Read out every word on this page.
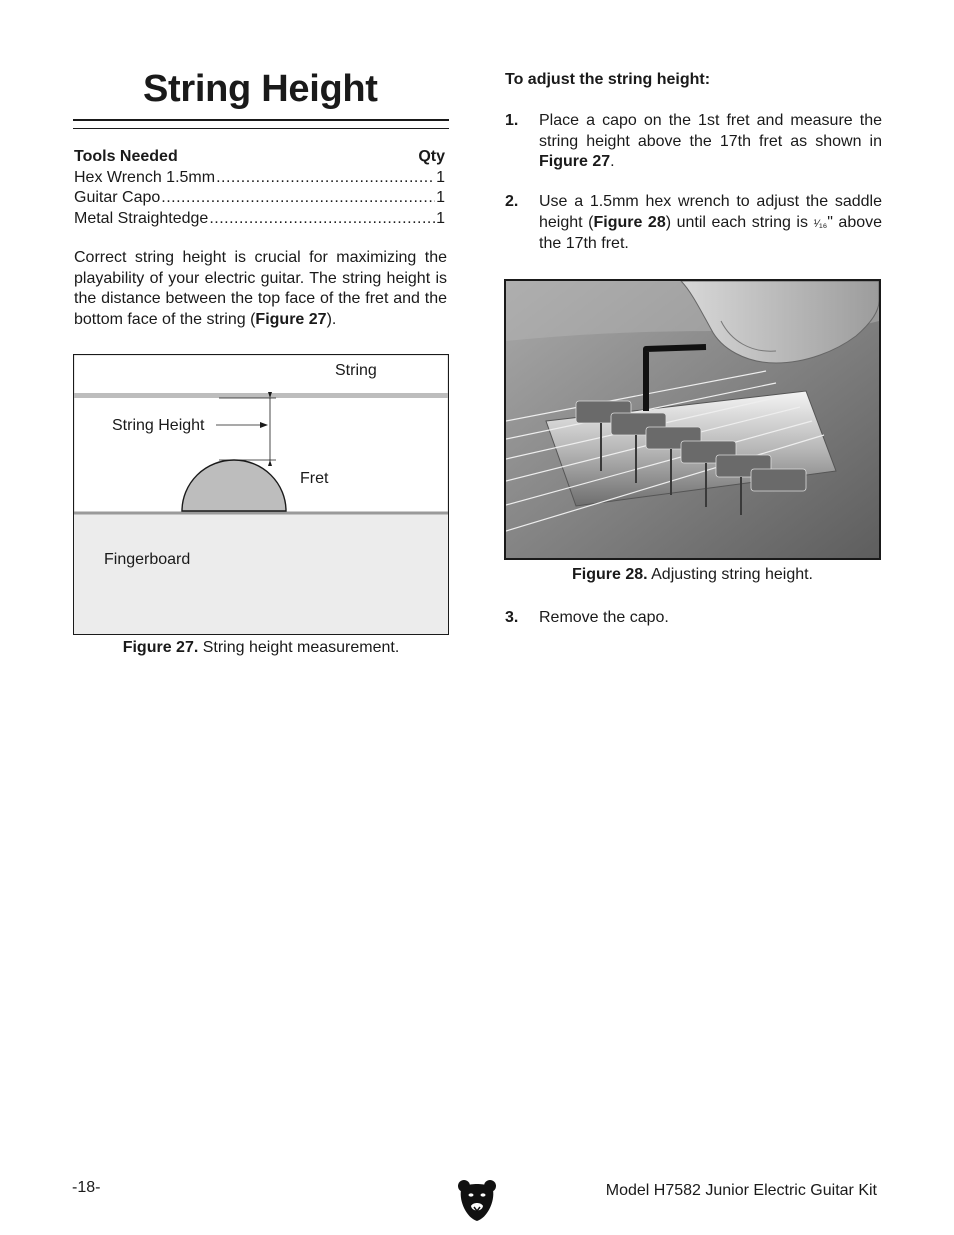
String Height
Tools Needed	Qty
Hex Wrench 1.5mm .....	1
Guitar Capo .....	1
Metal Straightedge .....	1
Correct string height is crucial for maximizing the playability of your electric guitar. The string height is the distance between the top face of the fret and the bottom face of the string (Figure 27).
String
String Height
Fret
Fingerboard
Figure 27. String height measurement.
To adjust the string height:
1.	Place a capo on the 1st fret and measure the string height above the 17th fret as shown in Figure 27.
2.	Use a 1.5mm hex wrench to adjust the saddle height (Figure 28) until each string is ¹⁄₁₆" above the 17th fret.
Figure 28. Adjusting string height.
3.	Remove the capo.
-18-	Model H7582 Junior Electric Guitar Kit
